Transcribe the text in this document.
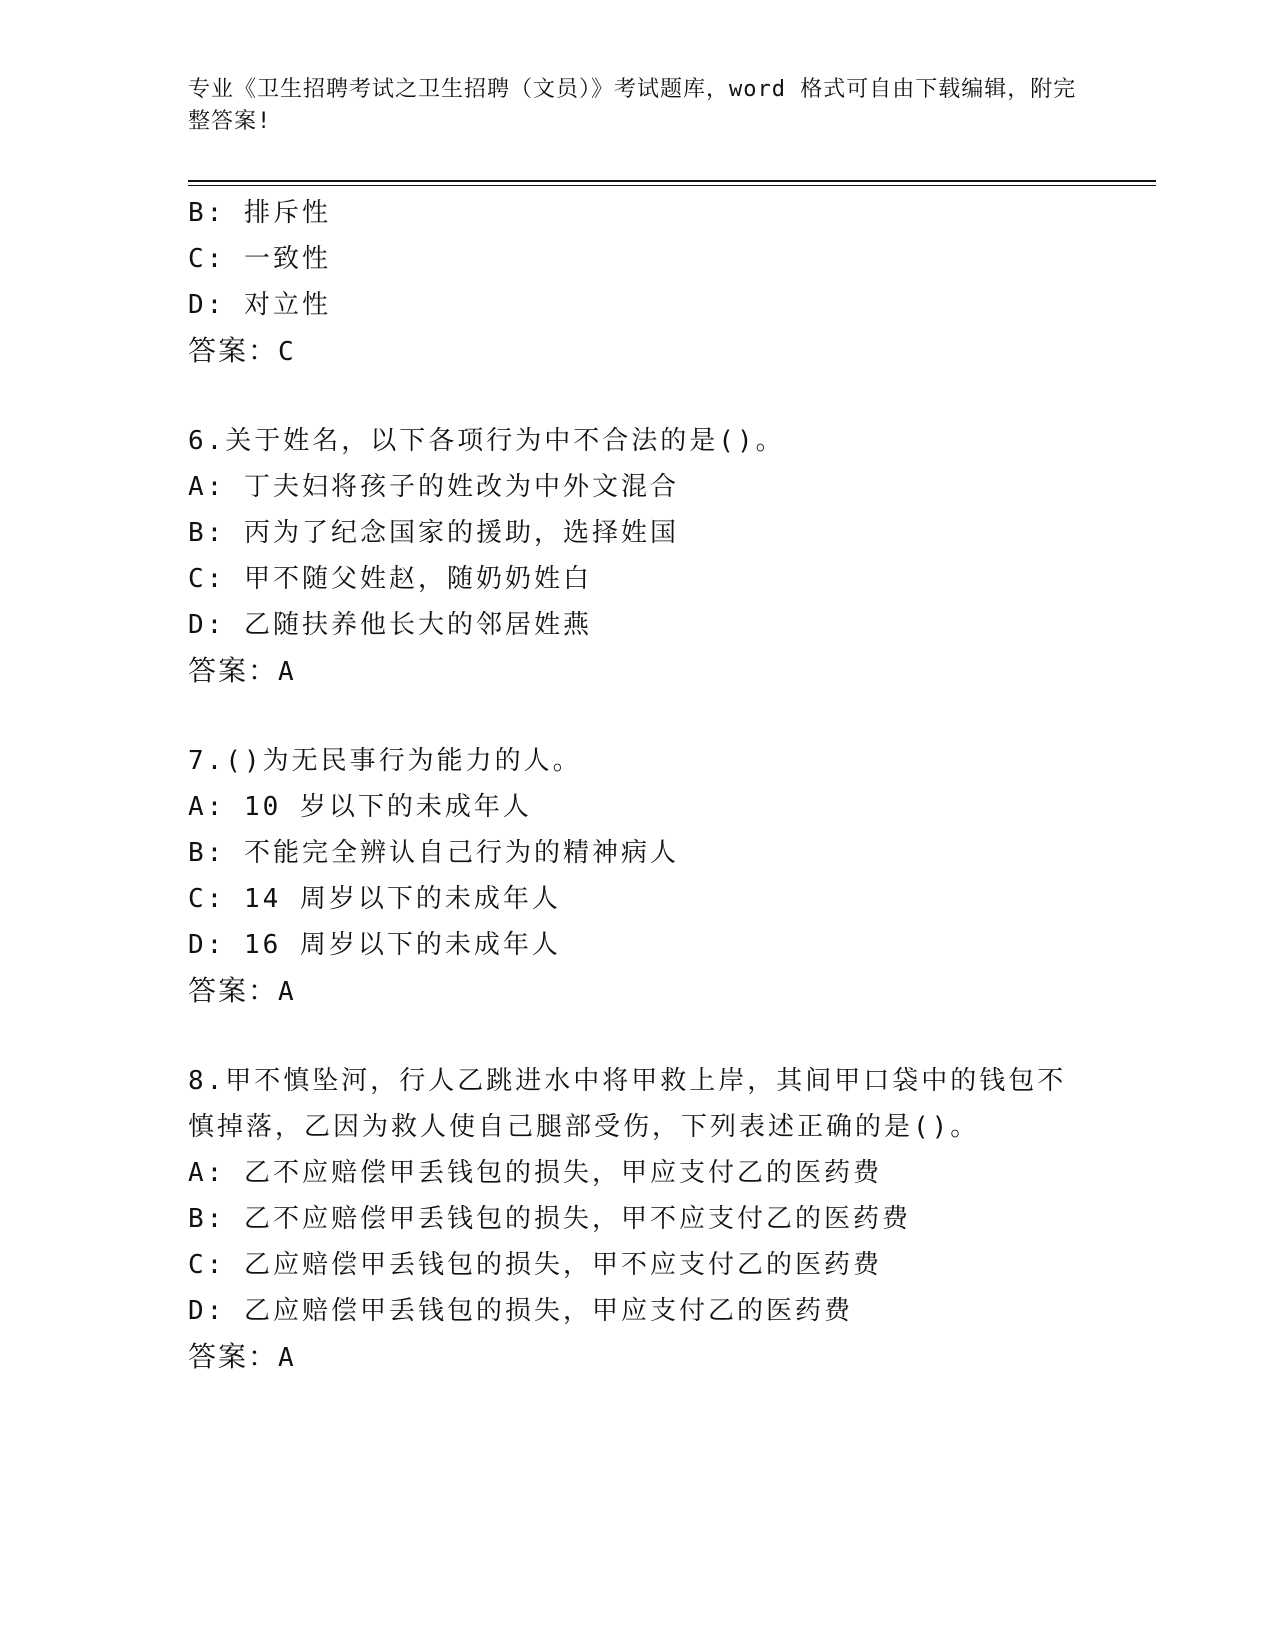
专业《卫生招聘考试之卫生招聘（文员）》考试题库，word 格式可自由下载编辑，附完整答案!
B: 排斥性
C: 一致性
D: 对立性
答案：C
6.关于姓名，以下各项行为中不合法的是()。
A: 丁夫妇将孩子的姓改为中外文混合
B: 丙为了纪念国家的援助，选择姓国
C: 甲不随父姓赵，随奶奶姓白
D: 乙随扶养他长大的邻居姓燕
答案：A
7.()为无民事行为能力的人。
A: 10 岁以下的未成年人
B: 不能完全辨认自己行为的精神病人
C: 14 周岁以下的未成年人
D: 16 周岁以下的未成年人
答案：A
8.甲不慎坠河，行人乙跳进水中将甲救上岸，其间甲口袋中的钱包不慎掉落，乙因为救人使自己腿部受伤，下列表述正确的是()。
A: 乙不应赔偿甲丢钱包的损失，甲应支付乙的医药费
B: 乙不应赔偿甲丢钱包的损失，甲不应支付乙的医药费
C: 乙应赔偿甲丢钱包的损失，甲不应支付乙的医药费
D: 乙应赔偿甲丢钱包的损失，甲应支付乙的医药费
答案：A
